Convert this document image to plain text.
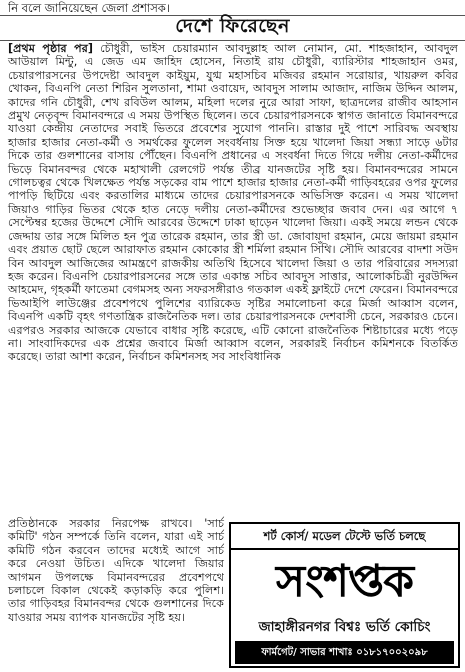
নি বলে জানিয়েছেন জেলা প্রশাসক।
দেশে ফিরেছেন

[প্রথম পৃষ্ঠার পর] চৌধুরী, ভাইস চেয়ারম্যান আবদুল্লাহ আল নোমান, মো. শাহজাহান, আবদুল আউয়াল মিন্টু, এ জেড এম জাহিদ হোসেন, নিতাই রায় চৌধুরী, ব্যারিস্টার শাহজাহান ওমর, চেয়ারপারসনের উপদেষ্টা আবদুল কাইয়ুম, যুগ্ম মহাসচিব মজিবর রহমান সরোয়ার, খায়রুল কবির খোকন, বিএনপি নেতা শিরিন সুলতানা, শামা ওবায়েদ, আবদুস সালাম আজাদ, নাজিম উদ্দিন আলম, কাদের গনি চৌধুরী, শেখ রবিউল আলম, মহিলা দলের নুরে আরা সাফা, ছাত্রদলের রাজীব আহসান প্রমুখ নেতৃবৃন্দ বিমানবন্দরে এ সময় উপস্থিত ছিলেন। তবে চেয়ারপারসনকে স্বাগত জানাতে বিমানবন্দরে যাওয়া কেন্দ্রীয় নেতাদের সবাই ভিতরে প্রবেশের সুযোগ পাননি। রাস্তার দুই পাশে সারিবদ্ধ অবস্থায় হাজার হাজার নেতা-কর্মী ও সমর্থকের ফুলেল সংবর্ধনায় সিক্ত হয়ে খালেদা জিয়া সন্ধ্যা সাড়ে ৬টার দিকে তার গুলশানের বাসায় পৌঁছেন। বিএনপি প্রধানের এ সংবর্ধনা দিতে গিয়ে দলীয় নেতা-কর্মীদের ভিড়ে বিমানবন্দর থেকে মহাখালী রেলগেট পর্যন্ত তীব্র যানজটের সৃষ্টি হয়। বিমানবন্দরের সামনে গোলচত্বর থেকে খিলক্ষেত পর্যন্ত সড়কের বাম পাশে হাজার হাজার নেতা-কর্মী গাড়িবহরের ওপর ফুলের পাপড়ি ছিটিয়ে এবং করতালির মাধ্যমে তাদের চেয়ারপারসনকে অভিসিক্ত করেন। এ সময় খালেদা জিয়াও গাড়ির ভিতর থেকে হাত নেড়ে দলীয় নেতা-কর্মীদের শুভেচ্ছার জবাব দেন। এর আগে ৭ সেপ্টেম্বর হজের উদ্দেশে সৌদি আরবের উদ্দেশে ঢাকা ছাড়েন খালেদা জিয়া। একই সময়ে লন্ডন থেকে জেদ্দায় তার সঙ্গে মিলিত হন পুত্র তারেক রহমান, তার স্ত্রী ডা. জোবায়দা রহমান, মেয়ে জায়মা রহমান এবং প্রয়াত ছোট ছেলে আরাফাত রহমান কোকোর স্ত্রী শর্মিলা রহমান সিঁথি। সৌদি আরবের বাদশা সউদ বিন আবদুল আজিজের আমন্ত্রণে রাজকীয় অতিথি হিসেবে খালেদা জিয়া ও তার পরিবারের সদস্যরা হজ করেন। বিএনপি চেয়ারপারসনের সঙ্গে তার একান্ত সচিব আবদুস সাত্তার, আলোকচিত্রী নুরউদ্দিন আহমেদ, গৃহকর্মী ফাতেমা বেগমসহ অন্য সফরসঙ্গীরাও গতকাল একই ফ্লাইটে দেশে ফেরেন। বিমানবন্দরে ভিআইপি লাউঞ্জের প্রবেশপথে পুলিশের ব্যারিকেড সৃষ্টির সমালোচনা করে মির্জা আব্বাস বলেন, বিএনপি একটি বৃহৎ গণতান্ত্রিক রাজনৈতিক দল। তার চেয়ারপারসনকে দেশবাসী চেনে, সরকারও চেনে। এরপরও সরকার আজকে যেভাবে বাধার সৃষ্টি করেছে, এটি কোনো রাজনৈতিক শিষ্টাচারের মধ্যে পড়ে না। সাংবাদিকদের এক প্রশ্নের জবাবে মির্জা আব্বাস বলেন, সরকারই নির্বাচন কমিশনকে বিতর্কিত করেছে। তারা আশা করেন, নির্বাচন কমিশনসহ সব সাংবিধানিক

প্রতিষ্ঠানকে সরকার নিরপেক্ষ রাখবে। 'সার্চ কমিটি' গঠন সম্পর্কে তিনি বলেন, যারা এই সার্চ কমিটি গঠন করবেন তাদের মধ্যেই আগে সার্চ করে নেওয়া উচিত। এদিকে খালেদা জিয়ার আগমন উপলক্ষে বিমানবন্দরের প্রবেশপথে চলাচলে বিকাল থেকেই কড়াকড়ি করে পুলিশ। তার গাড়িবহর বিমানবন্দর থেকে গুলশানের দিকে যাওয়ার সময় ব্যাপক যানজটের সৃষ্টি হয়।

শর্ট কোর্স/ মডেল টেস্টে ভর্তি চলছে
সংশপ্তক
জাহাঙ্গীরনগর বিশ্বঃ ভর্তি কোচিং
ফার্মগেট/ সাভার শাখাঃ ০১৮১৭০০২০৯৮
